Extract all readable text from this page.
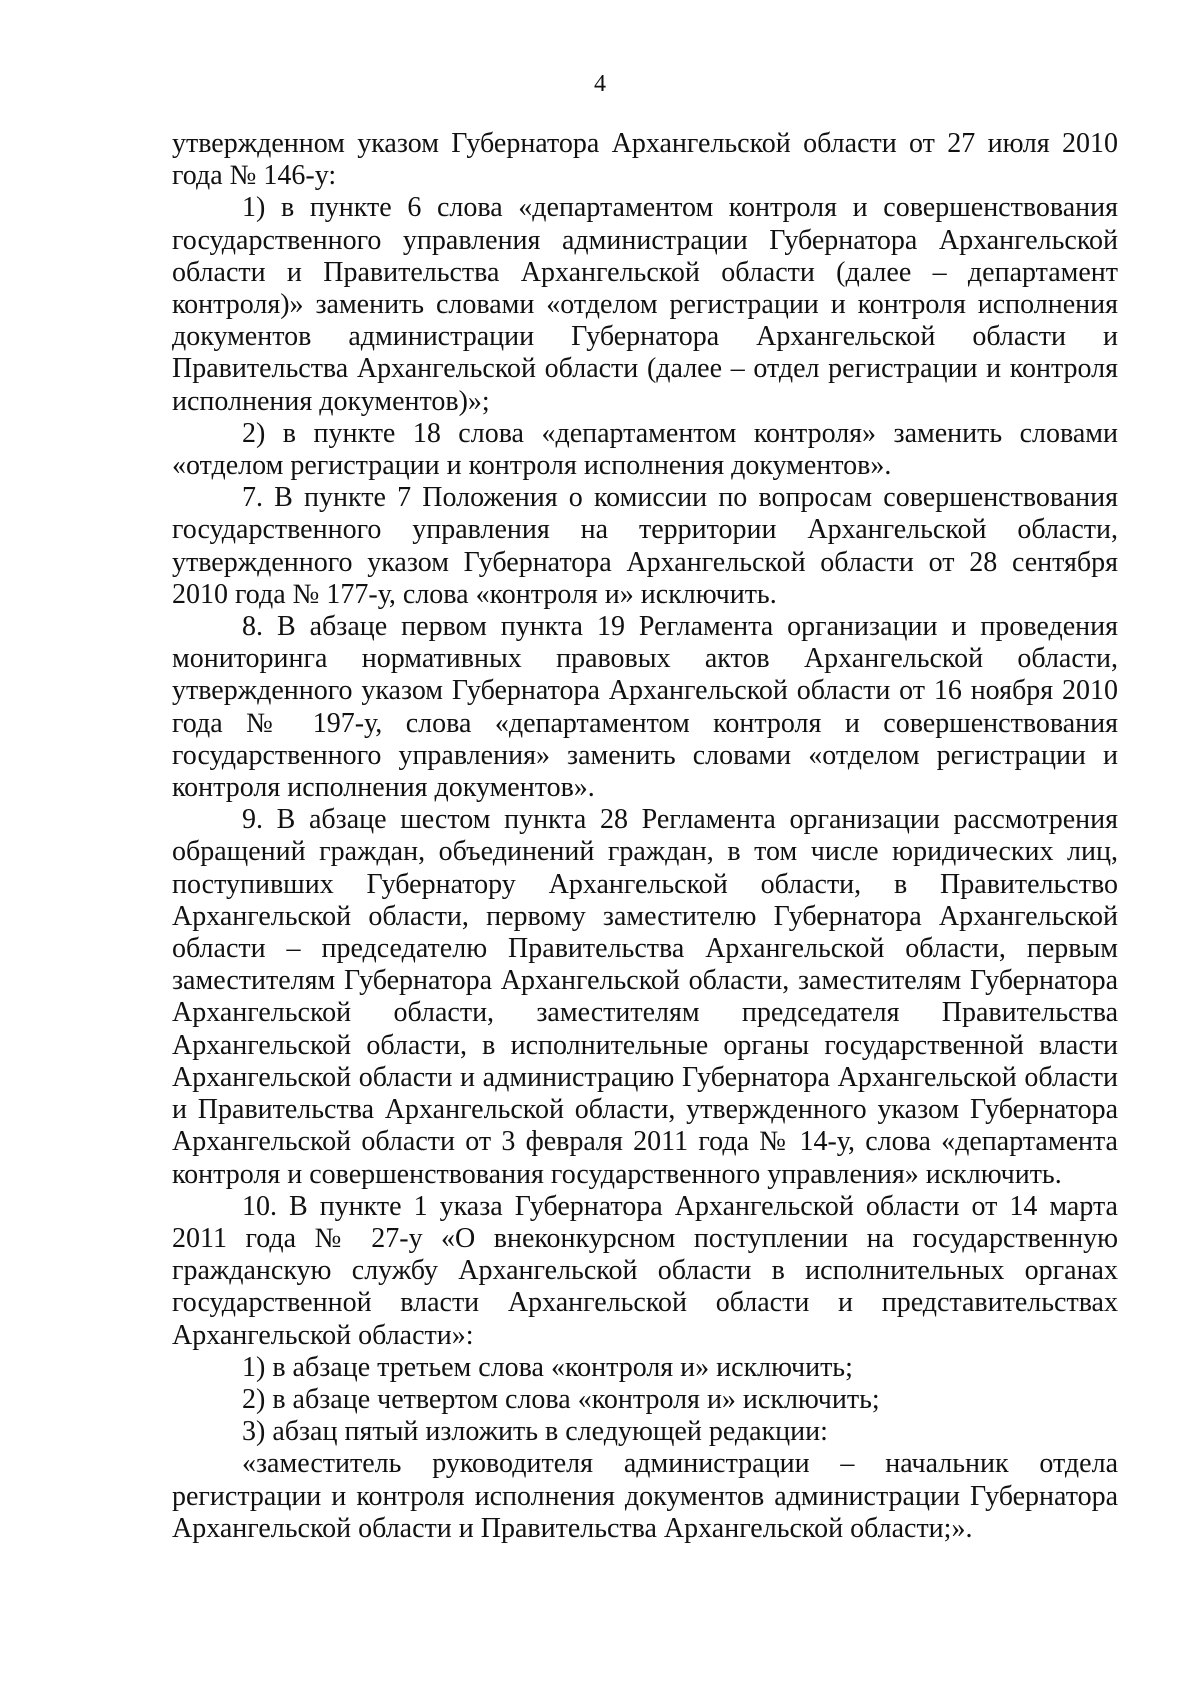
4

утвержденном указом Губернатора Архангельской области от 27 июля 2010 года № 146-у:

1) в пункте 6 слова «департаментом контроля и совершенствования государственного управления администрации Губернатора Архангельской области и Правительства Архангельской области (далее – департамент контроля)» заменить словами «отделом регистрации и контроля исполнения документов администрации Губернатора Архангельской области и Правительства Архангельской области (далее – отдел регистрации и контроля исполнения документов)»;

2) в пункте 18 слова «департаментом контроля» заменить словами «отделом регистрации и контроля исполнения документов».

7. В пункте 7 Положения о комиссии по вопросам совершенствования государственного управления на территории Архангельской области, утвержденного указом Губернатора Архангельской области от 28 сентября 2010 года № 177-у, слова «контроля и» исключить.

8. В абзаце первом пункта 19 Регламента организации и проведения мониторинга нормативных правовых актов Архангельской области, утвержденного указом Губернатора Архангельской области от 16 ноября 2010 года № 197-у, слова «департаментом контроля и совершенствования государственного управления» заменить словами «отделом регистрации и контроля исполнения документов».

9. В абзаце шестом пункта 28 Регламента организации рассмотрения обращений граждан, объединений граждан, в том числе юридических лиц, поступивших Губернатору Архангельской области, в Правительство Архангельской области, первому заместителю Губернатора Архангельской области – председателю Правительства Архангельской области, первым заместителям Губернатора Архангельской области, заместителям Губернатора Архангельской области, заместителям председателя Правительства Архангельской области, в исполнительные органы государственной власти Архангельской области и администрацию Губернатора Архангельской области и Правительства Архангельской области, утвержденного указом Губернатора Архангельской области от 3 февраля 2011 года № 14-у, слова «департамента контроля и совершенствования государственного управления» исключить.

10. В пункте 1 указа Губернатора Архангельской области от 14 марта 2011 года № 27-у «О внеконкурсном поступлении на государственную гражданскую службу Архангельской области в исполнительных органах государственной власти Архангельской области и представительствах Архангельской области»:

1) в абзаце третьем слова «контроля и» исключить;

2) в абзаце четвертом слова «контроля и» исключить;

3) абзац пятый изложить в следующей редакции:

«заместитель руководителя администрации – начальник отдела регистрации и контроля исполнения документов администрации Губернатора Архангельской области и Правительства Архангельской области;».
